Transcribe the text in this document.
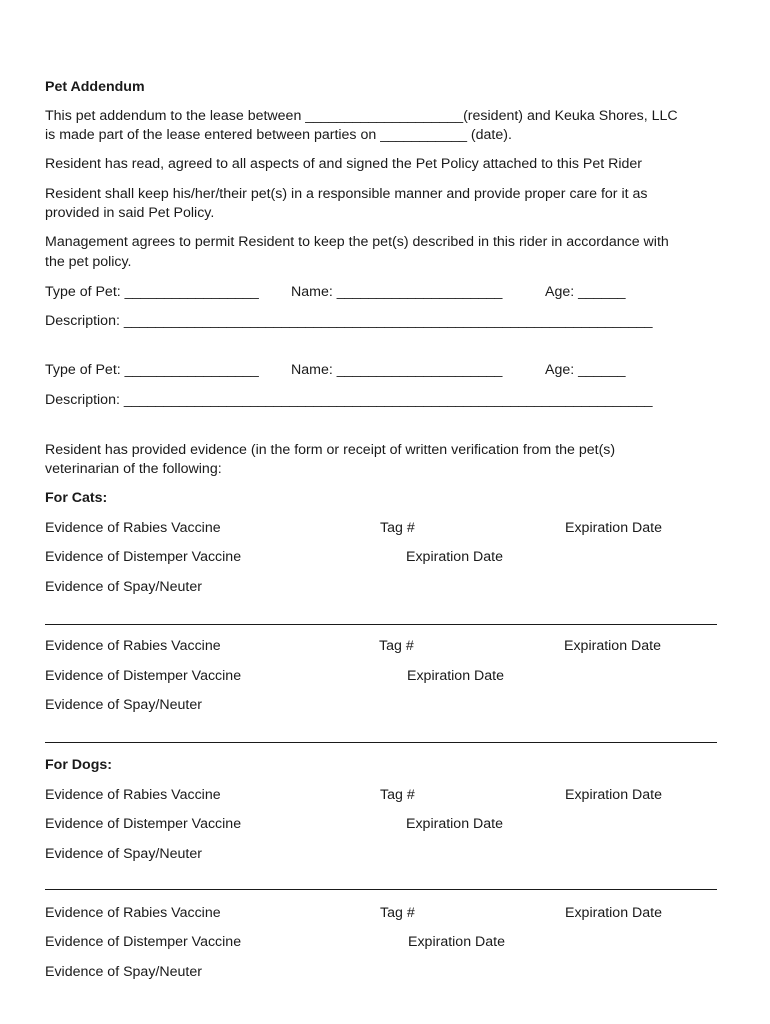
Pet Addendum
This pet addendum to the lease between ____________________(resident) and Keuka Shores, LLC
is made part of the lease entered between parties on ___________ (date).
Resident has read, agreed to all aspects of and signed the Pet Policy attached to this Pet Rider
Resident shall keep his/her/their pet(s) in a responsible manner and provide proper care for it as
provided in said Pet Policy.
Management agrees to permit Resident to keep the pet(s) described in this rider in accordance with
the pet policy.
Type of Pet: _________________ Name: _____________________	Age: ______
Description: ___________________________________________________________________
Type of Pet: _________________ Name: _____________________	Age: ______
Description: ___________________________________________________________________
Resident has provided evidence (in the form or receipt of written verification from the pet(s)
veterinarian of the following:
For Cats:
Evidence of Rabies Vaccine	Tag #	Expiration Date
Evidence of Distemper Vaccine	Expiration Date
Evidence of Spay/Neuter
Evidence of Rabies Vaccine	Tag #	Expiration Date
Evidence of Distemper Vaccine	Expiration Date
Evidence of Spay/Neuter
For Dogs:
Evidence of Rabies Vaccine	Tag #	Expiration Date
Evidence of Distemper Vaccine	Expiration Date
Evidence of Spay/Neuter
Evidence of Rabies Vaccine	Tag #	Expiration Date
Evidence of Distemper Vaccine	Expiration Date
Evidence of Spay/Neuter
